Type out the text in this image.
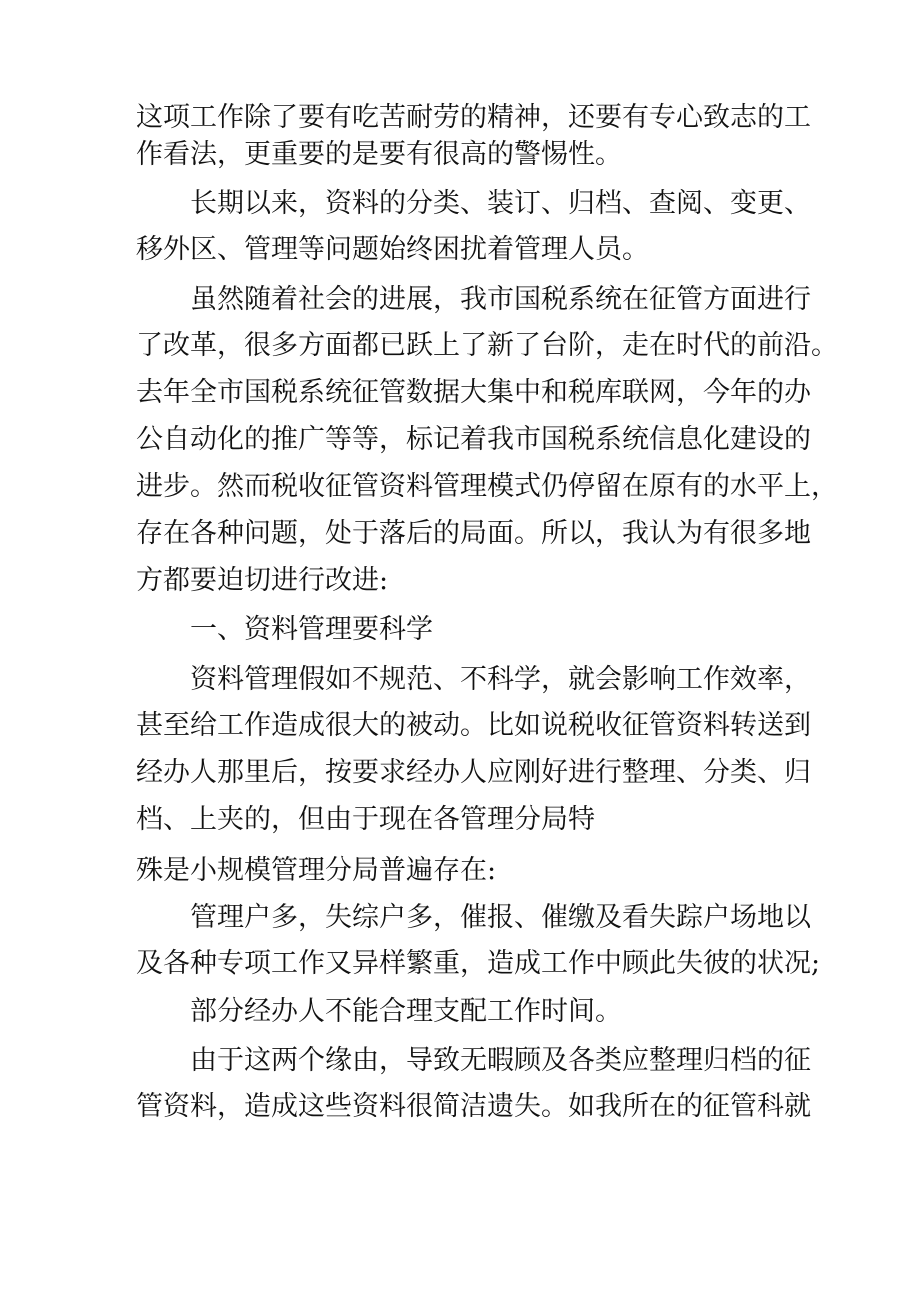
这项工作除了要有吃苦耐劳的精神，还要有专心致志的工
作看法，更重要的是要有很高的警惕性。
长期以来，资料的分类、装订、归档、查阅、变更、
移外区、管理等问题始终困扰着管理人员。
虽然随着社会的进展，我市国税系统在征管方面进行
了改革，很多方面都已跃上了新了台阶，走在时代的前沿。
去年全市国税系统征管数据大集中和税库联网，今年的办
公自动化的推广等等，标记着我市国税系统信息化建设的
进步。然而税收征管资料管理模式仍停留在原有的水平上，
存在各种问题，处于落后的局面。所以，我认为有很多地
方都要迫切进行改进:
一、资料管理要科学
资料管理假如不规范、不科学，就会影响工作效率，
甚至给工作造成很大的被动。比如说税收征管资料转送到
经办人那里后，按要求经办人应刚好进行整理、分类、归
档、上夹的，但由于现在各管理分局特
殊是小规模管理分局普遍存在:
管理户多，失综户多，催报、催缴及看失踪户场地以
及各种专项工作又异样繁重，造成工作中顾此失彼的状况;
部分经办人不能合理支配工作时间。
由于这两个缘由，导致无暇顾及各类应整理归档的征
管资料，造成这些资料很简洁遗失。如我所在的征管科就
